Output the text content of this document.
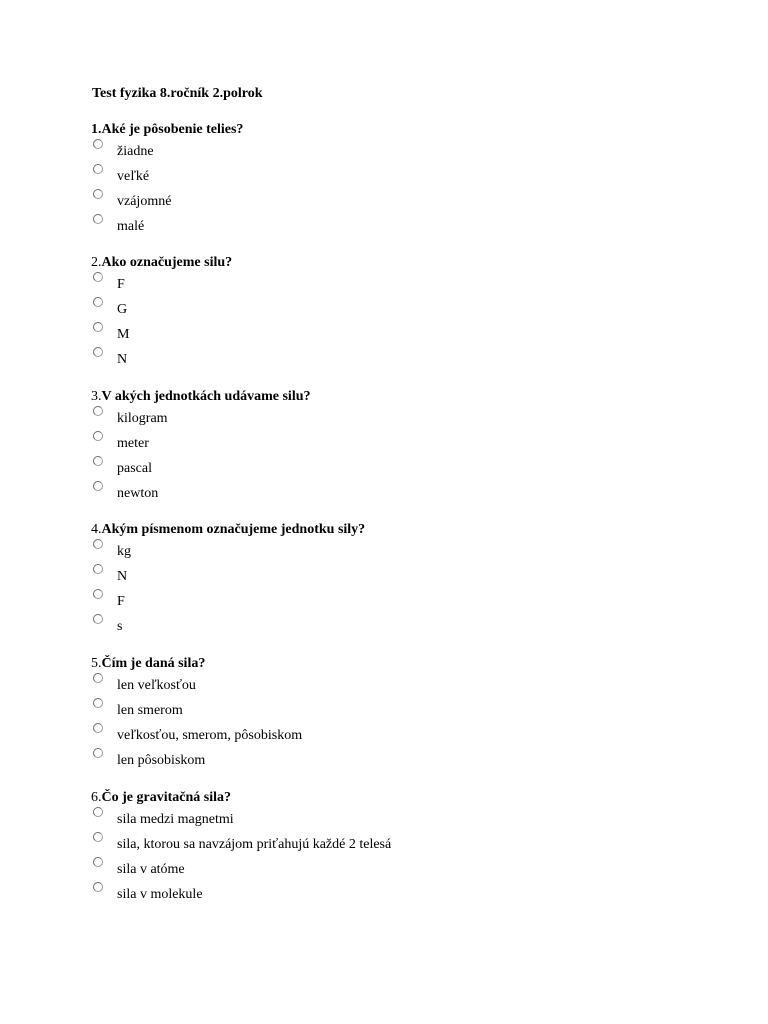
Test fyzika 8.ročník 2.polrok
1.Aké je pôsobenie telies?
žiadne
veľké
vzájomné
malé
2.Ako označujeme silu?
F
G
M
N
3.V akých jednotkách udávame silu?
kilogram
meter
pascal
newton
4.Akým písmenom označujeme jednotku sily?
kg
N
F
s
5.Čím je daná sila?
len veľkosťou
len smerom
veľkosťou, smerom, pôsobiskom
len pôsobiskom
6.Čo je gravitačná sila?
sila medzi magnetmi
sila, ktorou sa navzájom priťahujú každé 2 telesá
sila v atóme
sila v molekule
